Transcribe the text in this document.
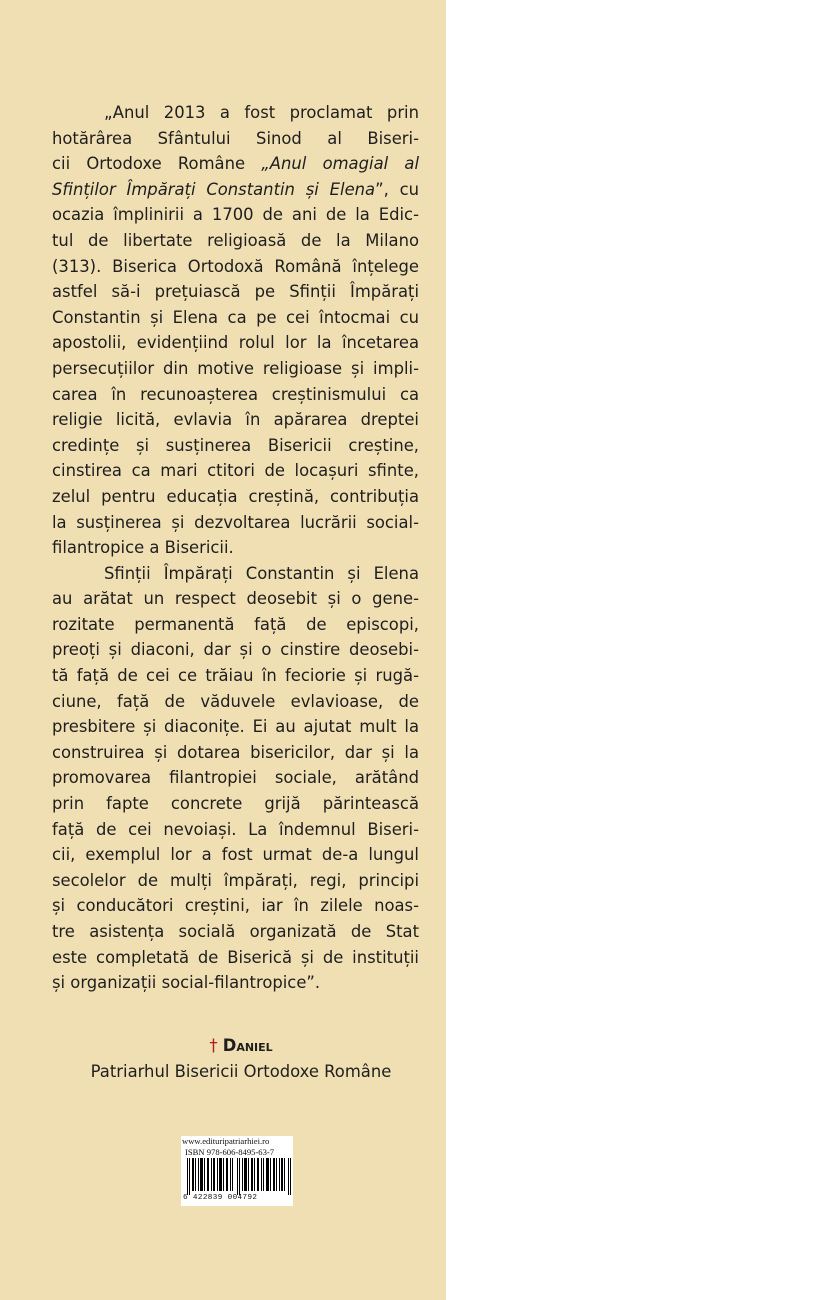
„Anul 2013 a fost proclamat prin
hotărârea Sfântului Sinod al Biseri-
cii Ortodoxe Române „Anul omagial al
Sfinților Împărați Constantin și Elena”, cu
ocazia împlinirii a 1700 de ani de la Edic-
tul de libertate religioasă de la Milano
(313). Biserica Ortodoxă Română înțelege
astfel să-i prețuiască pe Sfinții Împărați
Constantin și Elena ca pe cei întocmai cu
apostolii, evidențiind rolul lor la încetarea
persecuțiilor din motive religioase și impli-
carea în recunoașterea creștinismului ca
religie licită, evlavia în apărarea dreptei
credințe și susținerea Bisericii creștine,
cinstirea ca mari ctitori de locașuri sfinte,
zelul pentru educația creștină, contribuția
la susținerea și dezvoltarea lucrării social-
filantropice a Bisericii.
Sfinții Împărați Constantin și Elena
au arătat un respect deosebit și o gene-
rozitate permanentă față de episcopi,
preoți și diaconi, dar și o cinstire deosebi-
tă față de cei ce trăiau în feciorie și rugă-
ciune, față de văduvele evlavioase, de
presbitere și diaconițe. Ei au ajutat mult la
construirea și dotarea bisericilor, dar și la
promovarea filantropiei sociale, arătând
prin fapte concrete grijă părintească
față de cei nevoiași. La îndemnul Biseri-
cii, exemplul lor a fost urmat de-a lungul
secolelor de mulți împărați, regi, principi
și conducători creștini, iar în zilele noas-
tre asistența socială organizată de Stat
este completată de Biserică și de instituții
și organizații social-filantropice”.
† Daniel
Patriarhul Bisericii Ortodoxe Române
www.edituripatriarhiei.ro
ISBN 978-606-8495-63-7
6 422839 004792
